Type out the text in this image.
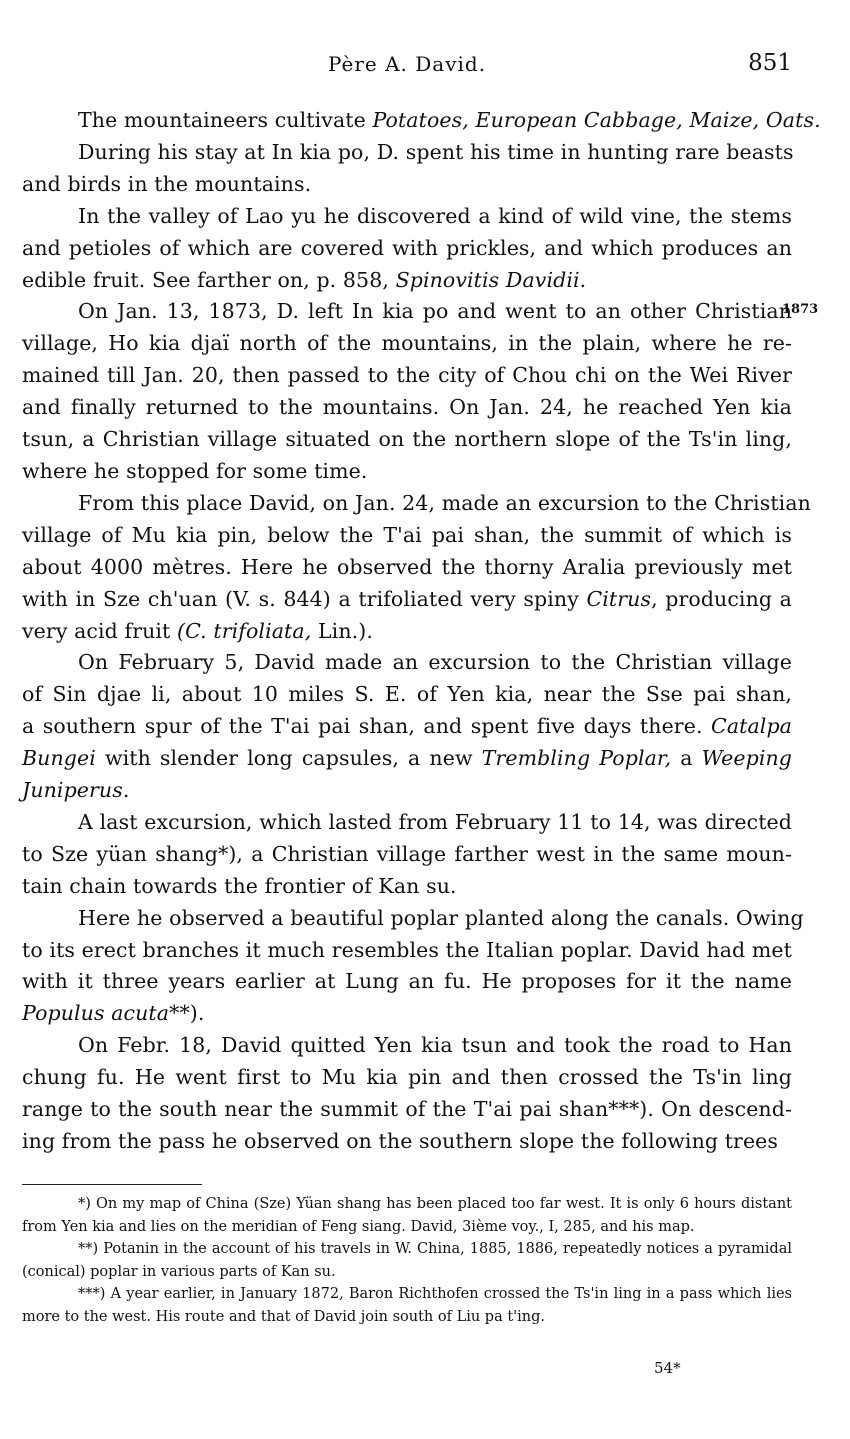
Père A. David.	851
1873
The mountaineers cultivate Potatoes, European Cabbage, Maize, Oats.
During his stay at In kia po, D. spent his time in hunting rare beasts
and birds in the mountains.
In the valley of Lao yu he discovered a kind of wild vine, the stems
and petioles of which are covered with prickles, and which produces an
edible fruit. See farther on, p. 858, Spinovitis Davidii.
On Jan. 13, 1873, D. left In kia po and went to an other Christian
village, Ho kia djaï north of the mountains, in the plain, where he re-
mained till Jan. 20, then passed to the city of Chou chi on the Wei River
and finally returned to the mountains. On Jan. 24, he reached Yen kia
tsun, a Christian village situated on the northern slope of the Ts'in ling,
where he stopped for some time.
From this place David, on Jan. 24, made an excursion to the Christian
village of Mu kia pin, below the T'ai pai shan, the summit of which is
about 4000 mètres. Here he observed the thorny Aralia previously met
with in Sze ch'uan (V. s. 844) a trifoliated very spiny Citrus, producing a
very acid fruit (C. trifoliata, Lin.).
On February 5, David made an excursion to the Christian village
of Sin djae li, about 10 miles S. E. of Yen kia, near the Sse pai shan,
a southern spur of the T'ai pai shan, and spent five days there. Catalpa
Bungei with slender long capsules, a new Trembling Poplar, a Weeping
Juniperus.
A last excursion, which lasted from February 11 to 14, was directed
to Sze yüan shang*), a Christian village farther west in the same moun-
tain chain towards the frontier of Kan su.
Here he observed a beautiful poplar planted along the canals. Owing
to its erect branches it much resembles the Italian poplar. David had met
with it three years earlier at Lung an fu. He proposes for it the name
Populus acuta**).
On Febr. 18, David quitted Yen kia tsun and took the road to Han
chung fu. He went first to Mu kia pin and then crossed the Ts'in ling
range to the south near the summit of the T'ai pai shan***). On descend-
ing from the pass he observed on the southern slope the following trees

*) On my map of China (Sze) Yüan shang has been placed too far west. It is only 6 hours distant from Yen kia and lies on the meridian of Feng siang. David, 3ième voy., I, 285, and his map.

**) Potanin in the account of his travels in W. China, 1885, 1886, repeatedly notices a pyramidal (conical) poplar in various parts of Kan su.

***) A year earlier, in January 1872, Baron Richthofen crossed the Ts'in ling in a pass which lies more to the west. His route and that of David join south of Liu pa t'ing.

54*
